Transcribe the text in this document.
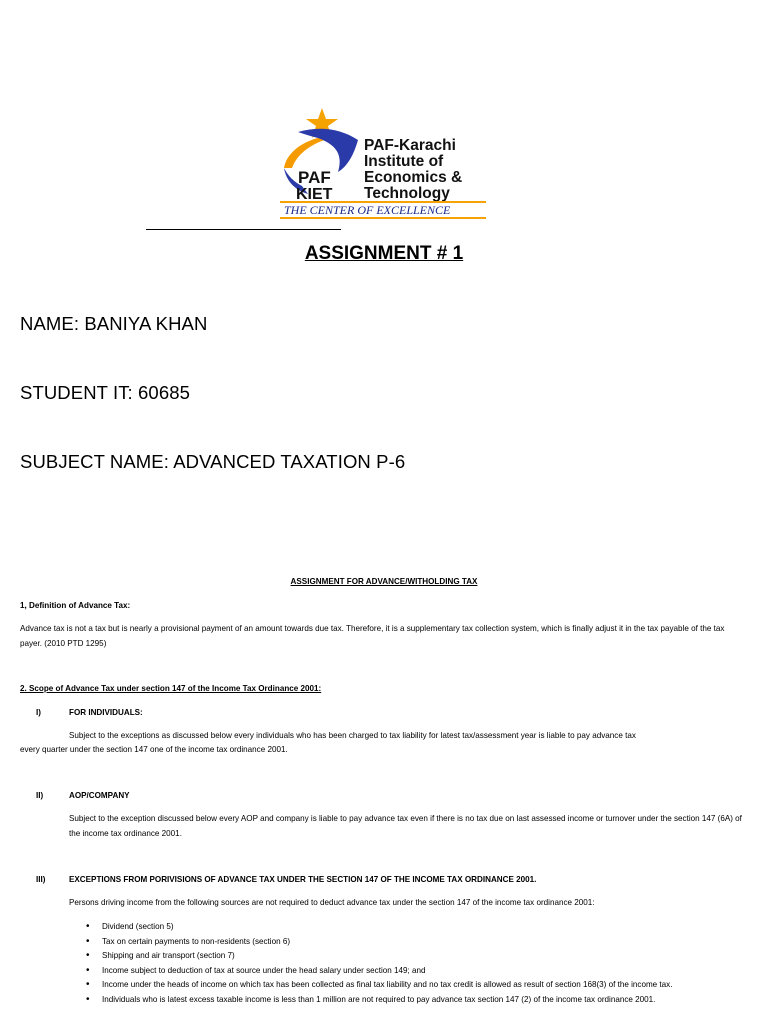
PAF
KIET
PAF-Karachi
Institute of
Economics &
Technology
THE CENTER OF EXCELLENCE
ASSIGNMENT # 1
NAME: BANIYA KHAN
STUDENT IT: 60685
SUBJECT NAME: ADVANCED TAXATION P-6
ASSIGNMENT FOR ADVANCE/WITHOLDING TAX
1, Definition of Advance Tax:
Advance tax is not a tax but is nearly a provisional payment of an amount towards due tax. Therefore, it is a supplementary tax collection system, which is finally adjust it in the tax payable of the tax payer. (2010 PTD 1295)
2. Scope of Advance Tax under section 147 of the Income Tax Ordinance 2001:
I)	FOR INDIVIDUALS:
Subject to the exceptions as discussed below every individuals who has been charged to tax liability for latest tax/assessment year is liable to pay advance tax
every quarter under the section 147 one of the income tax ordinance 2001.
II)	AOP/COMPANY
Subject to the exception discussed below every AOP and company is liable to pay advance tax even if there is no tax due on last assessed income or turnover under the section 147 (6A) of the income tax ordinance 2001.
III)	EXCEPTIONS FROM PORIVISIONS OF ADVANCE TAX UNDER THE SECTION 147 OF THE INCOME TAX ORDINANCE 2001.
Persons driving income from the following sources are not required to deduct advance tax under the section 147 of the income tax ordinance 2001:
• Dividend (section 5)
• Tax on certain payments to non-residents (section 6)
• Shipping and air transport (section 7)
• Income subject to deduction of tax at source under the head salary under section 149; and
• Income under the heads of income on which tax has been collected as final tax liability and no tax credit is allowed as result of section 168(3) of the income tax.
• Individuals who is latest excess taxable income is less than 1 million are not required to pay advance tax section 147 (2) of the income tax ordinance 2001.
